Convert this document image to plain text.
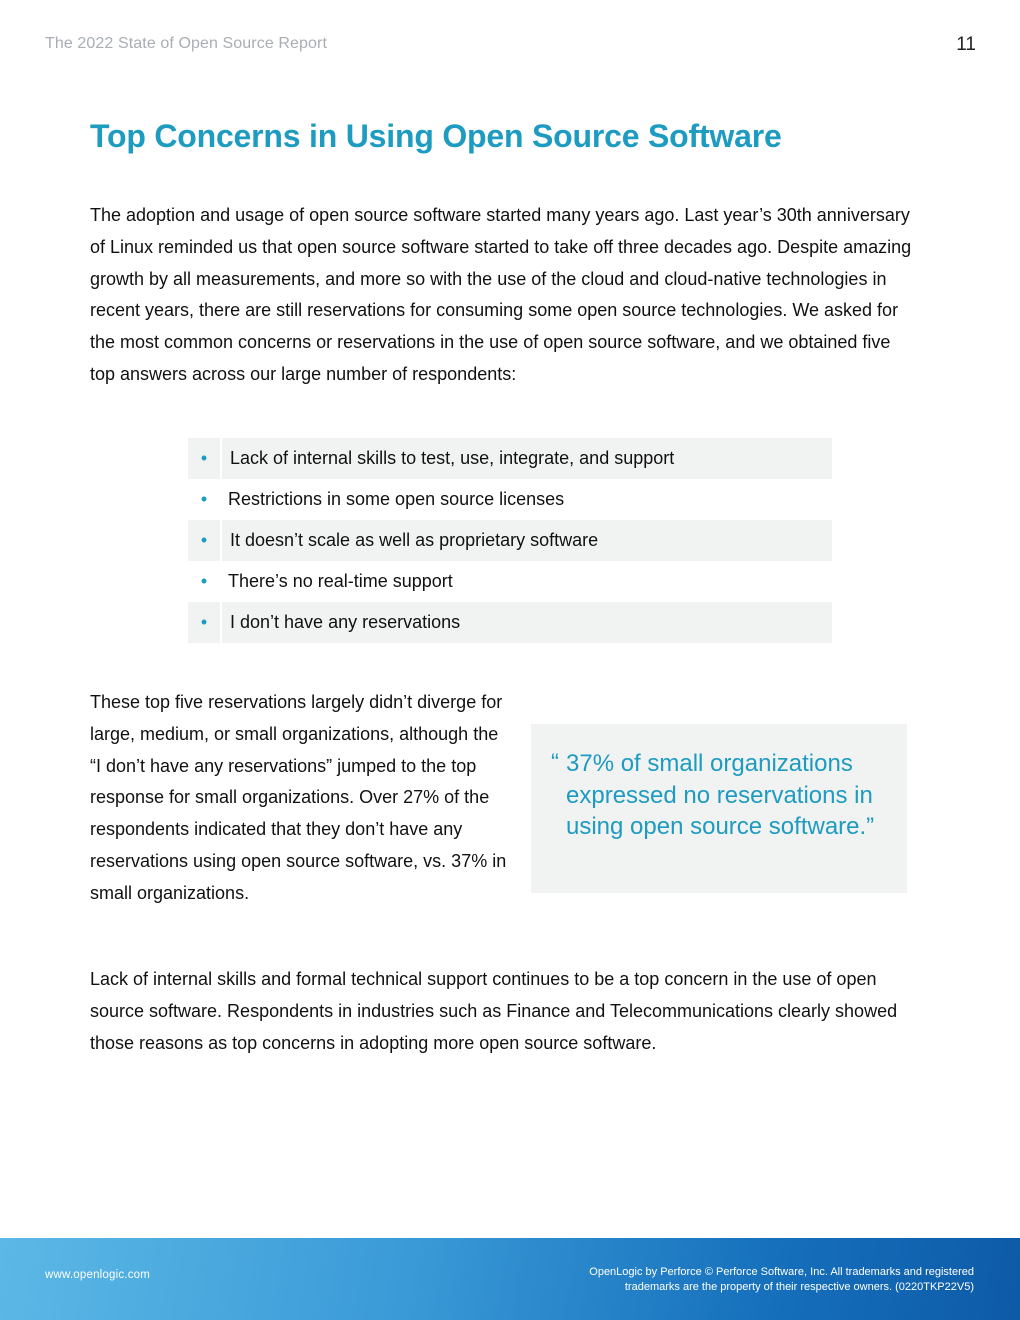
The 2022 State of Open Source Report	11
Top Concerns in Using Open Source Software

The adoption and usage of open source software started many years ago. Last year’s 30th anniversary of Linux reminded us that open source software started to take off three decades ago. Despite amazing growth by all measurements, and more so with the use of the cloud and cloud-native technologies in recent years, there are still reservations for consuming some open source technologies. We asked for the most common concerns or reservations in the use of open source software, and we obtained five top answers across our large number of respondents:

•	Lack of internal skills to test, use, integrate, and support
•	Restrictions in some open source licenses
•	It doesn’t scale as well as proprietary software
•	There’s no real-time support
•	I don’t have any reservations

These top five reservations largely didn’t diverge for large, medium, or small organizations, although the “I don’t have any reservations” jumped to the top response for small organizations. Over 27% of the respondents indicated that they don’t have any reservations using open source software, vs. 37% in small organizations.

“ 37% of small organizations expressed no reservations in using open source software.”

Lack of internal skills and formal technical support continues to be a top concern in the use of open source software. Respondents in industries such as Finance and Telecommunications clearly showed those reasons as top concerns in adopting more open source software.

www.openlogic.com	OpenLogic by Perforce © Perforce Software, Inc. All trademarks and registered
trademarks are the property of their respective owners. (0220TKP22V5)
